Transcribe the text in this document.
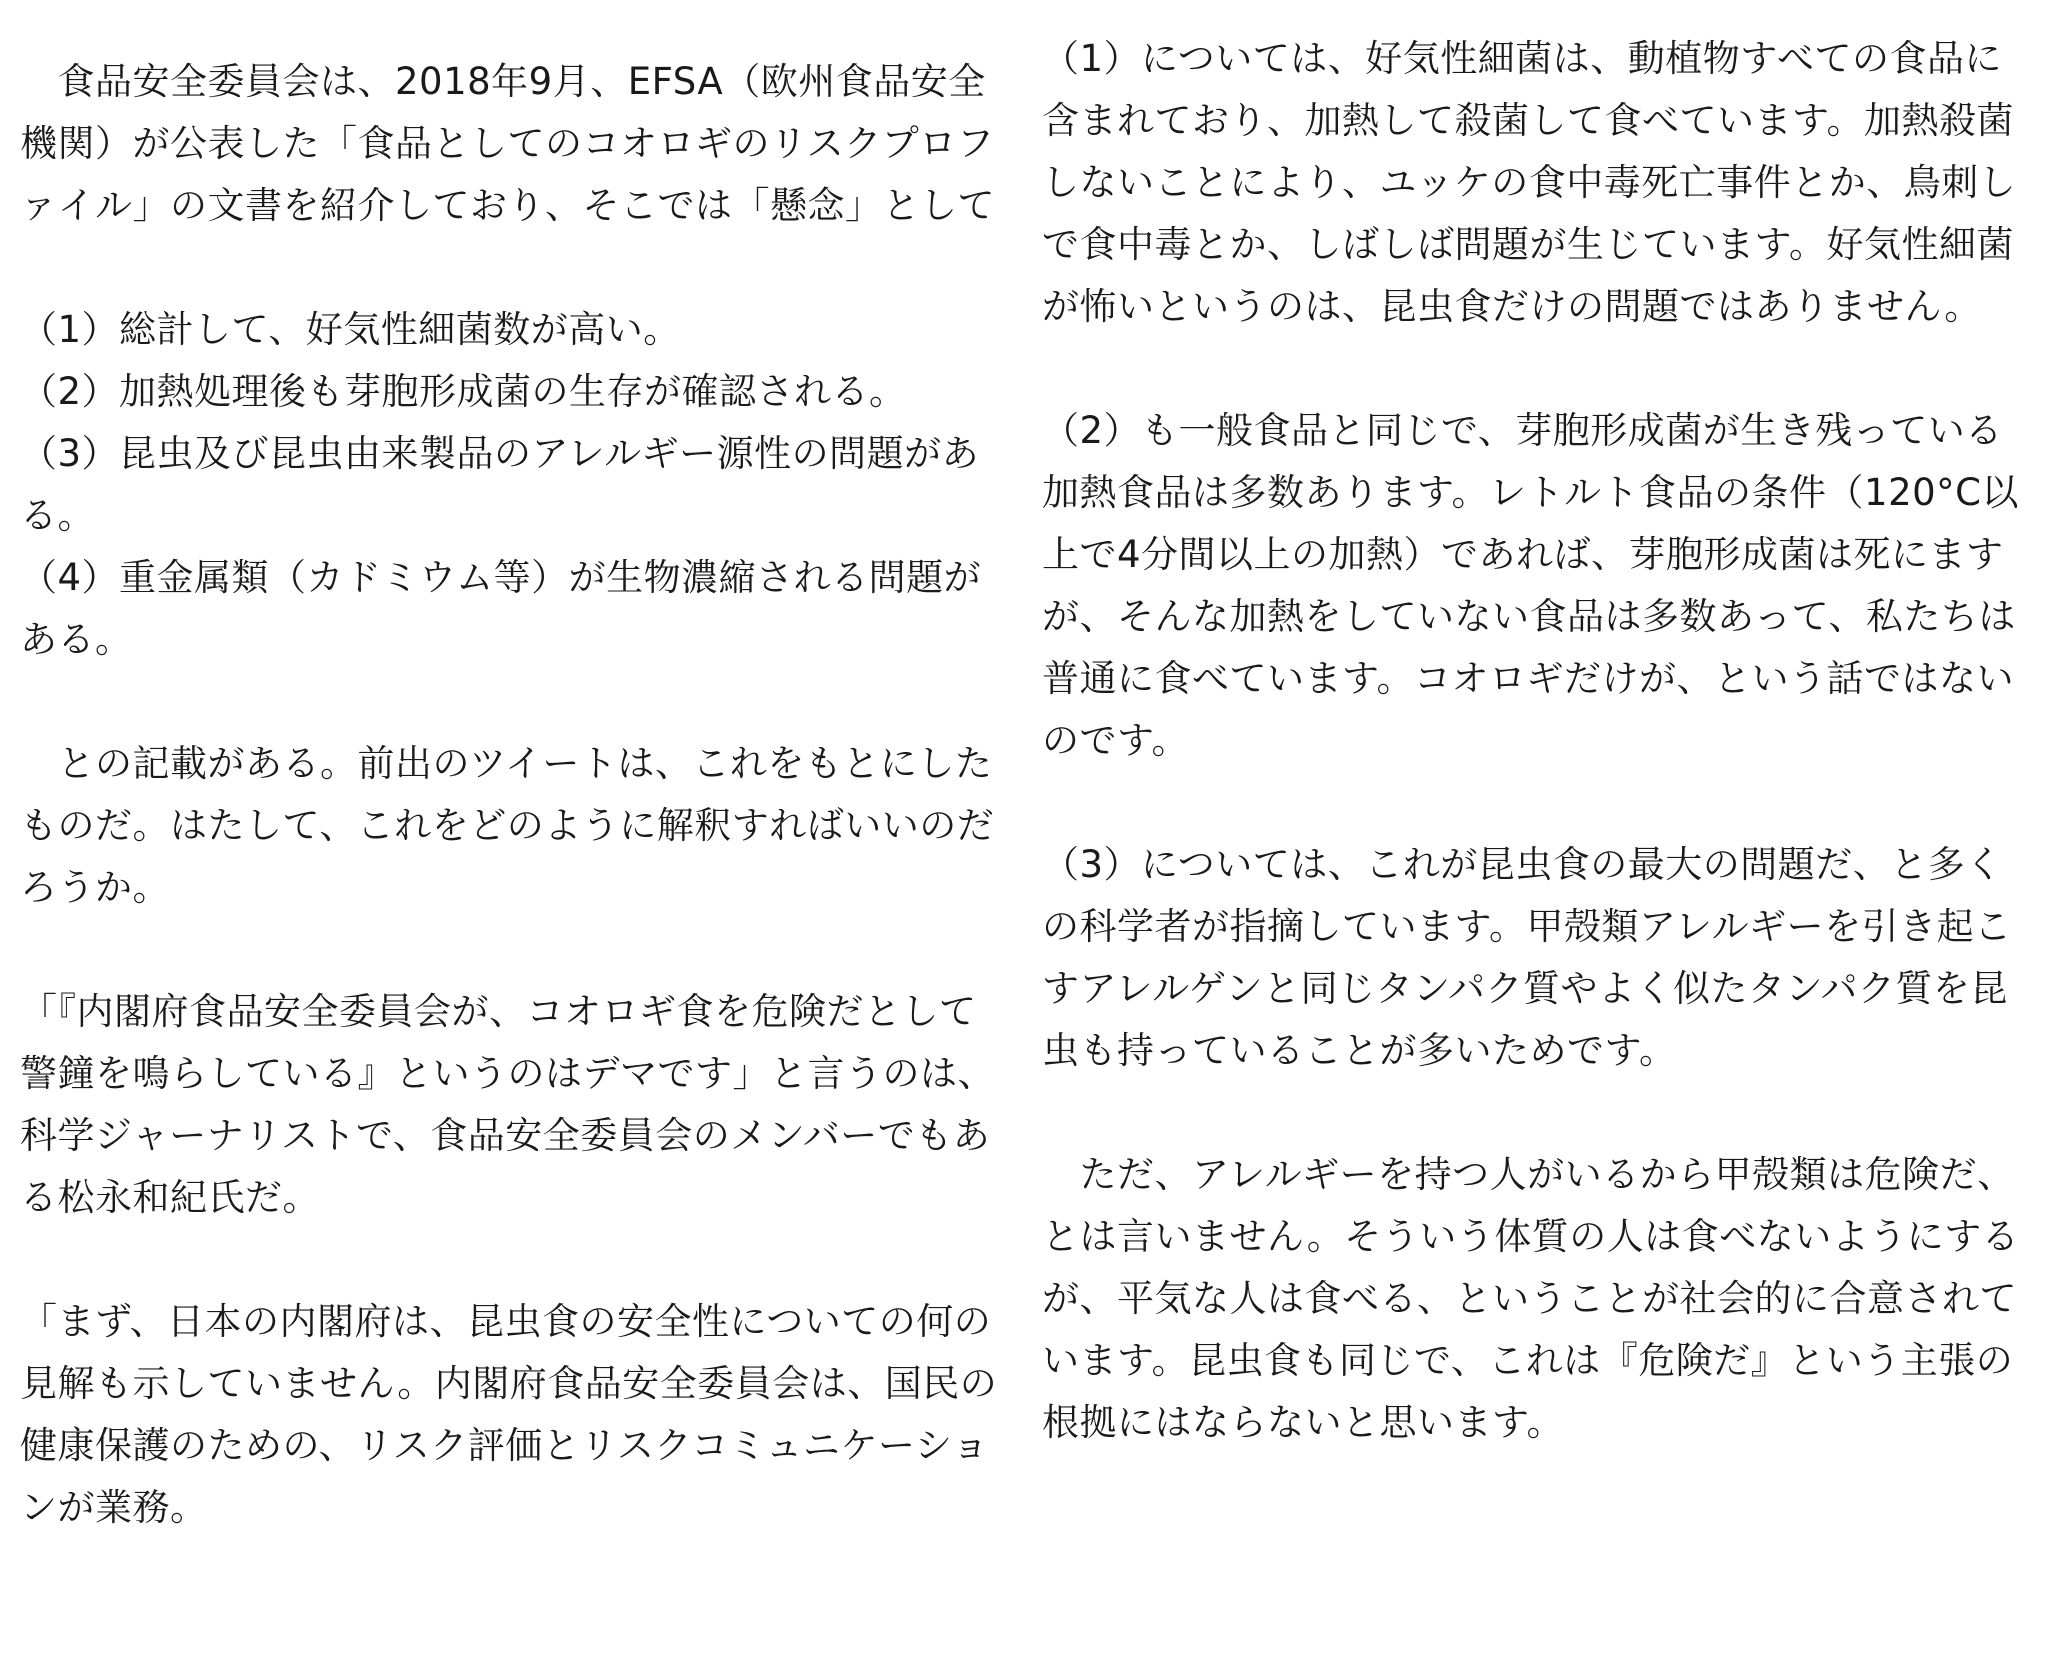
　食品安全委員会は、2018年9月、EFSA（欧州食品安全機関）が公表した「食品としてのコオロギのリスクプロファイル」の文書を紹介しており、そこでは「懸念」として

（1）総計して、好気性細菌数が高い。

（2）加熱処理後も芽胞形成菌の生存が確認される。

（3）昆虫及び昆虫由来製品のアレルギー源性の問題がある。

（4）重金属類（カドミウム等）が生物濃縮される問題がある。

　との記載がある。前出のツイートは、これをもとにしたものだ。はたして、これをどのように解釈すればいいのだろうか。

「『内閣府食品安全委員会が、コオロギ食を危険だとして警鐘を鳴らしている』というのはデマです」と言うのは、科学ジャーナリストで、食品安全委員会のメンバーでもある松永和紀氏だ。

「まず、日本の内閣府は、昆虫食の安全性についての何の見解も示していません。内閣府食品安全委員会は、国民の健康保護のための、リスク評価とリスクコミュニケーションが業務。

（1）については、好気性細菌は、動植物すべての食品に含まれており、加熱して殺菌して食べています。加熱殺菌しないことにより、ユッケの食中毒死亡事件とか、鳥刺しで食中毒とか、しばしば問題が生じています。好気性細菌が怖いというのは、昆虫食だけの問題ではありません。

（2）も一般食品と同じで、芽胞形成菌が生き残っている加熱食品は多数あります。レトルト食品の条件（120°C以上で4分間以上の加熱）であれば、芽胞形成菌は死にますが、そんな加熱をしていない食品は多数あって、私たちは普通に食べています。コオロギだけが、という話ではないのです。

（3）については、これが昆虫食の最大の問題だ、と多くの科学者が指摘しています。甲殻類アレルギーを引き起こすアレルゲンと同じタンパク質やよく似たタンパク質を昆虫も持っていることが多いためです。

　ただ、アレルギーを持つ人がいるから甲殻類は危険だ、とは言いません。そういう体質の人は食べないようにするが、平気な人は食べる、ということが社会的に合意されています。昆虫食も同じで、これは『危険だ』という主張の根拠にはならないと思います。
